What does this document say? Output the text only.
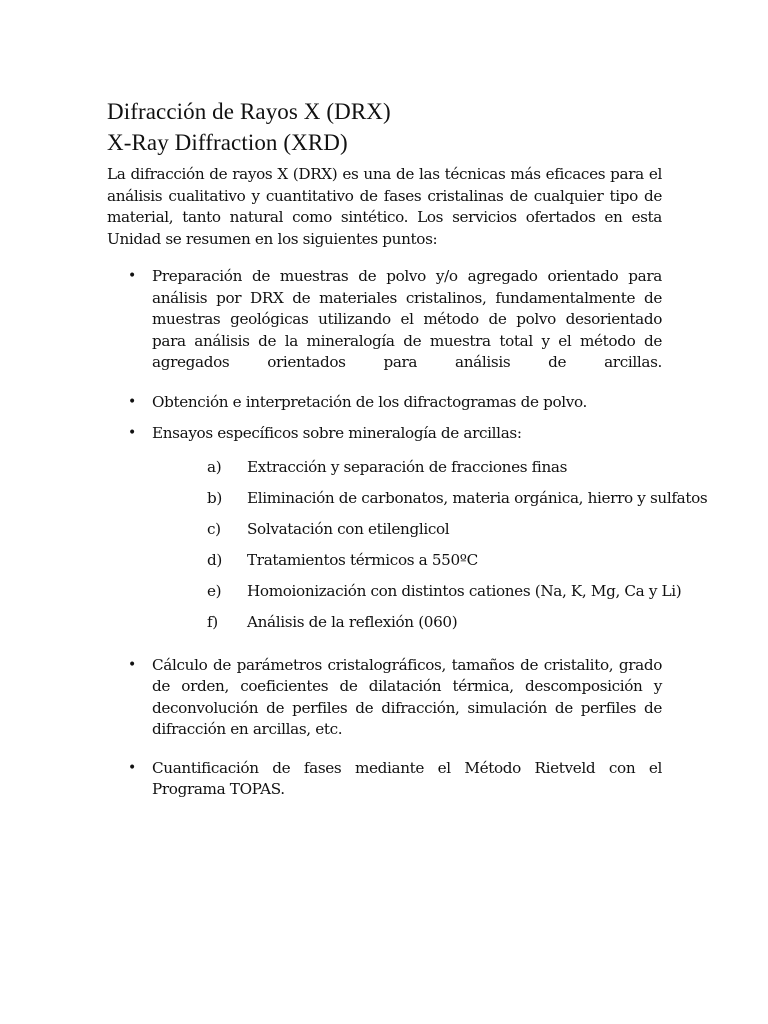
Difracción de Rayos X (DRX)
X-Ray Diffraction (XRD)

La difracción de rayos X (DRX) es una de las técnicas más eficaces para el análisis cualitativo y cuantitativo de fases cristalinas de cualquier tipo de material, tanto natural como sintético. Los servicios ofertados en esta Unidad se resumen en los siguientes puntos:

• Preparación de muestras de polvo y/o agregado orientado para análisis por DRX de materiales cristalinos, fundamentalmente de muestras geológicas utilizando el método de polvo desorientado para análisis de la mineralogía de muestra total y el método de agregados orientados para análisis de arcillas.
• Obtención e interpretación de los difractogramas de polvo.
• Ensayos específicos sobre mineralogía de arcillas:
a) Extracción y separación de fracciones finas
b) Eliminación de carbonatos, materia orgánica, hierro y sulfatos
c) Solvatación con etilenglicol
d) Tratamientos térmicos a 550ºC
e) Homoionización con distintos cationes (Na, K, Mg, Ca y Li)
f) Análisis de la reflexión (060)
• Cálculo de parámetros cristalográficos, tamaños de cristalito, grado de orden, coeficientes de dilatación térmica, descomposición y deconvolución de perfiles de difracción, simulación de perfiles de difracción en arcillas, etc.
• Cuantificación de fases mediante el Método Rietveld con el Programa TOPAS.
